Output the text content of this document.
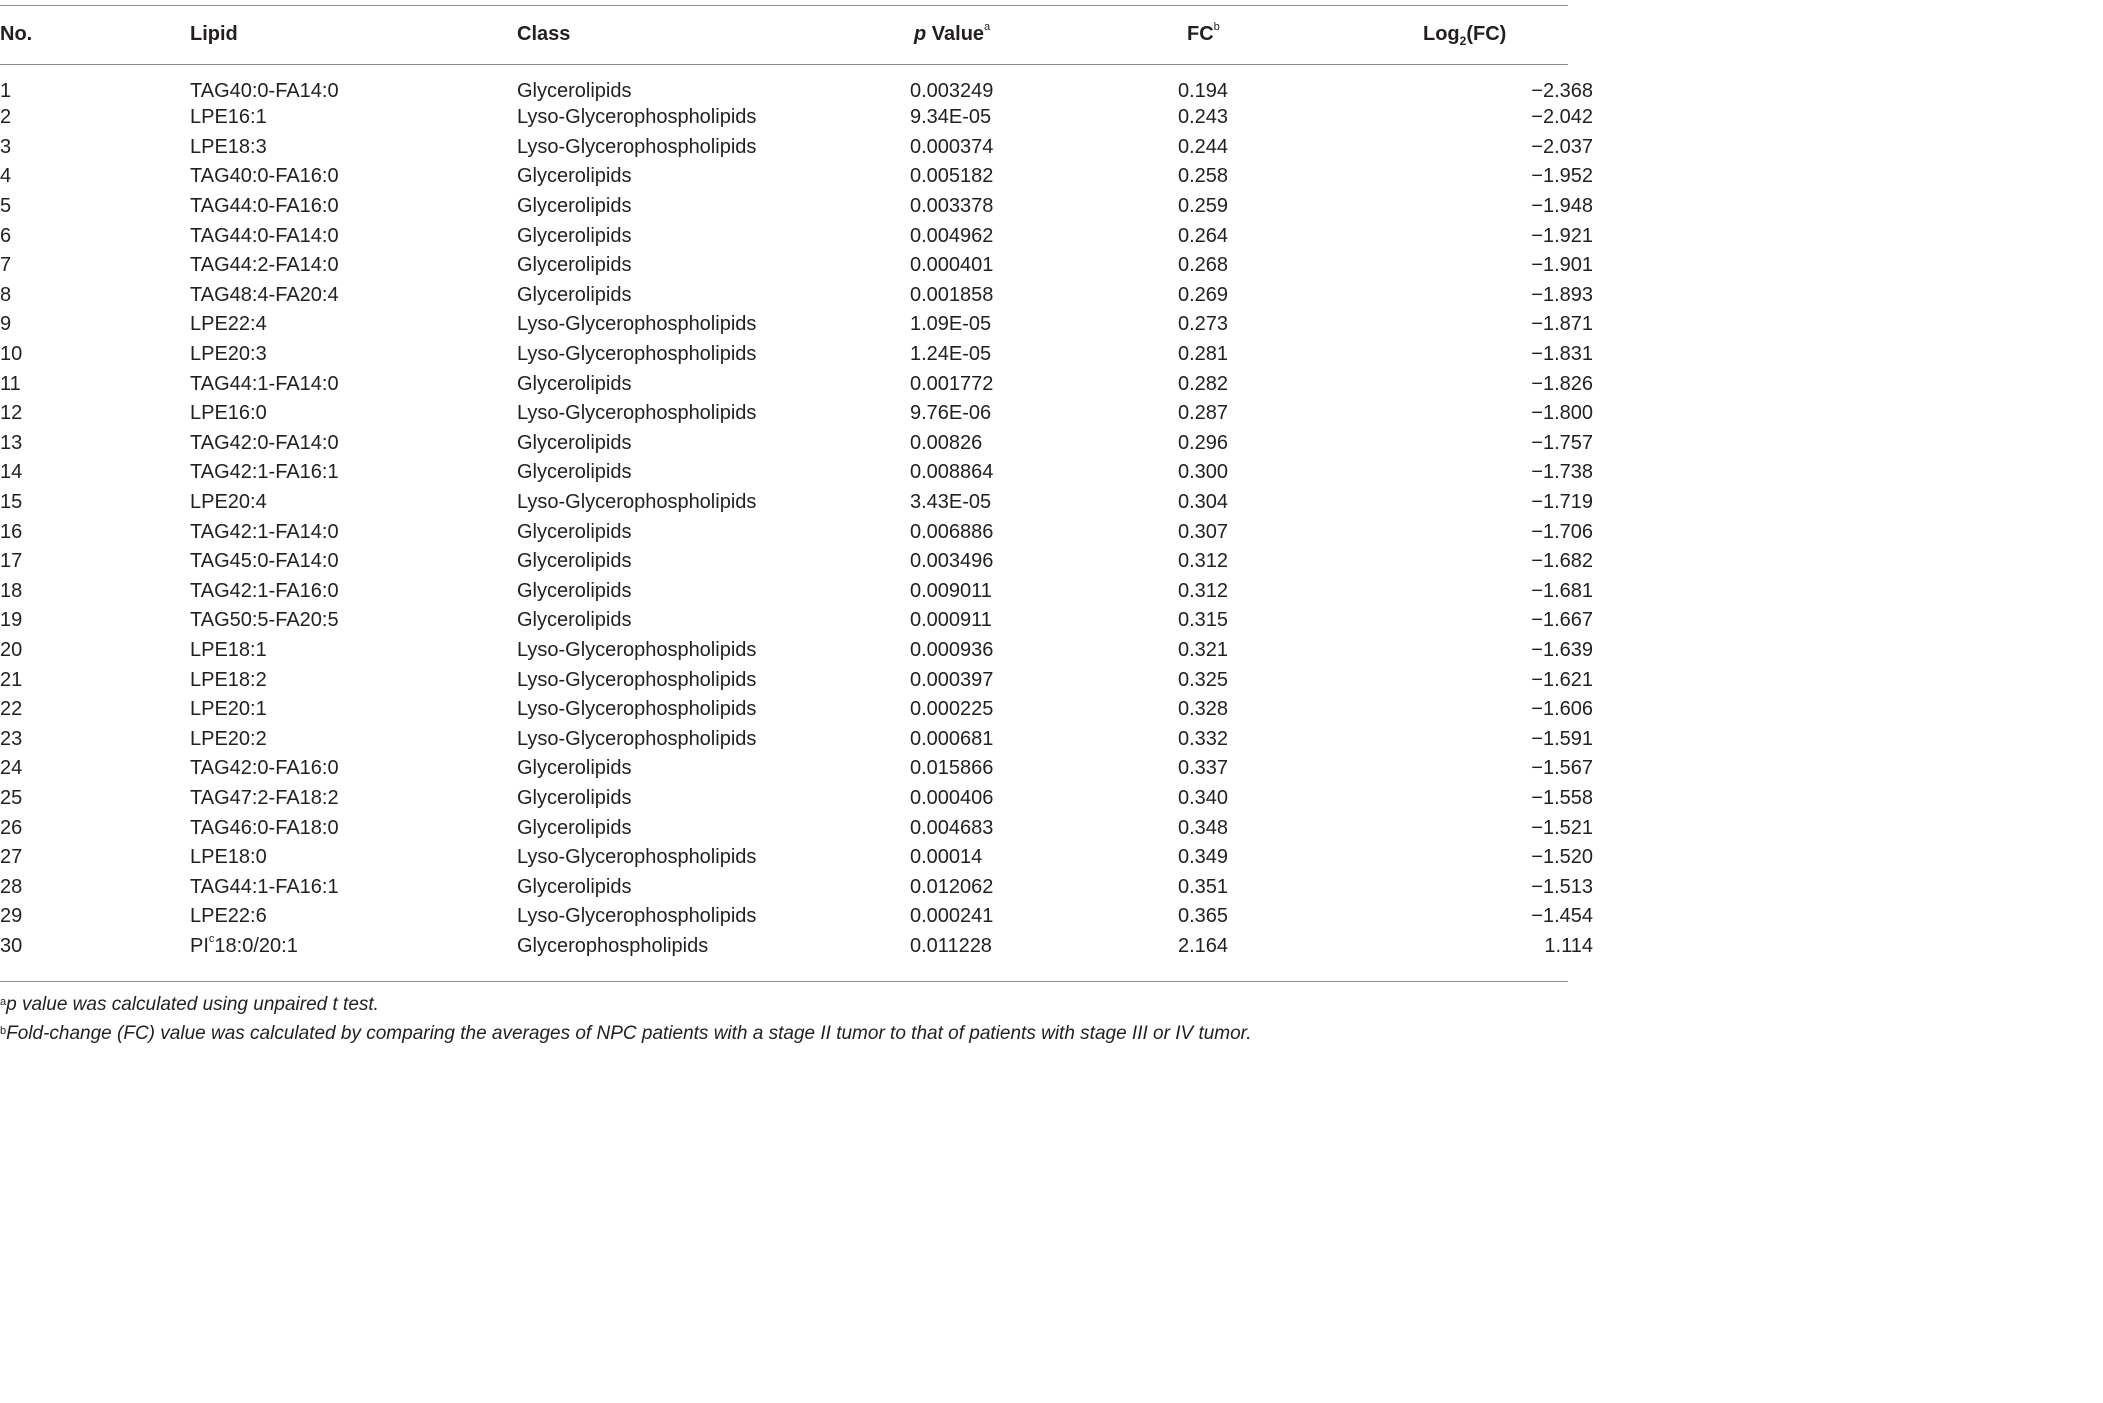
No.	Lipid	Class	p Value$^a$	$FC^b$	Log$_2$(FC)
1	TAG40:0-FA14:0	Glycerolipids	0.003249	0.194	−2.368
2	LPE16:1	Lyso-Glycerophospholipids	9.34E-05	0.243	−2.042
3	LPE18:3	Lyso-Glycerophospholipids	0.000374	0.244	−2.037
4	TAG40:0-FA16:0	Glycerolipids	0.005182	0.258	−1.952
5	TAG44:0-FA16:0	Glycerolipids	0.003378	0.259	−1.948
6	TAG44:0-FA14:0	Glycerolipids	0.004962	0.264	−1.921
7	TAG44:2-FA14:0	Glycerolipids	0.000401	0.268	−1.901
8	TAG48:4-FA20:4	Glycerolipids	0.001858	0.269	−1.893
9	LPE22:4	Lyso-Glycerophospholipids	1.09E-05	0.273	−1.871
10	LPE20:3	Lyso-Glycerophospholipids	1.24E-05	0.281	−1.831
11	TAG44:1-FA14:0	Glycerolipids	0.001772	0.282	−1.826
12	LPE16:0	Lyso-Glycerophospholipids	9.76E-06	0.287	−1.800
13	TAG42:0-FA14:0	Glycerolipids	0.00826	0.296	−1.757
14	TAG42:1-FA16:1	Glycerolipids	0.008864	0.300	−1.738
15	LPE20:4	Lyso-Glycerophospholipids	3.43E-05	0.304	−1.719
16	TAG42:1-FA14:0	Glycerolipids	0.006886	0.307	−1.706
17	TAG45:0-FA14:0	Glycerolipids	0.003496	0.312	−1.682
18	TAG42:1-FA16:0	Glycerolipids	0.009011	0.312	−1.681
19	TAG50:5-FA20:5	Glycerolipids	0.000911	0.315	−1.667
20	LPE18:1	Lyso-Glycerophospholipids	0.000936	0.321	−1.639
21	LPE18:2	Lyso-Glycerophospholipids	0.000397	0.325	−1.621
22	LPE20:1	Lyso-Glycerophospholipids	0.000225	0.328	−1.606
23	LPE20:2	Lyso-Glycerophospholipids	0.000681	0.332	−1.591
24	TAG42:0-FA16:0	Glycerolipids	0.015866	0.337	−1.567
25	TAG47:2-FA18:2	Glycerolipids	0.000406	0.340	−1.558
26	TAG46:0-FA18:0	Glycerolipids	0.004683	0.348	−1.521
27	LPE18:0	Lyso-Glycerophospholipids	0.00014	0.349	−1.520
28	TAG44:1-FA16:1	Glycerolipids	0.012062	0.351	−1.513
29	LPE22:6	Lyso-Glycerophospholipids	0.000241	0.365	−1.454
30	$PI^c18:0/20:1$	Glycerophospholipids	0.011228	2.164	1.114
$^a$p value was calculated using unpaired t test.
$^b$Fold-change (FC) value was calculated by comparing the averages of NPC patients with a stage II tumor to that of patients with stage III or IV tumor.
